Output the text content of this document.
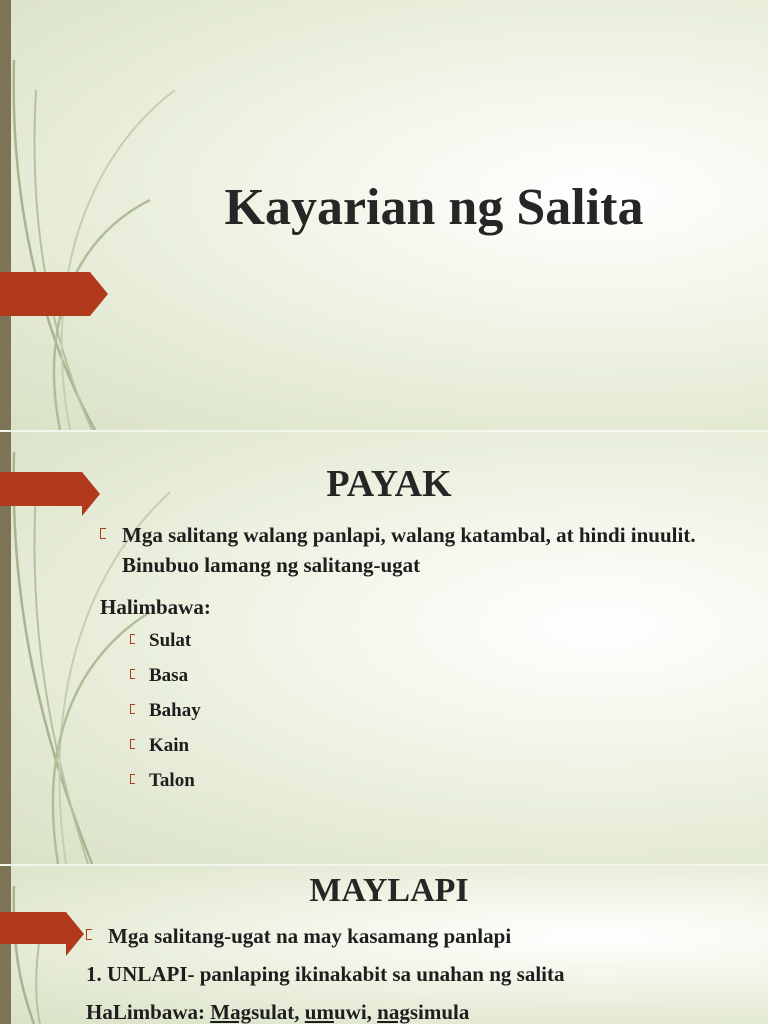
Kayarian ng Salita
PAYAK
Mga salitang walang panlapi, walang katambal, at hindi inuulit. Binubuo lamang ng salitang-ugat
Halimbawa:
Sulat
Basa
Bahay
Kain
Talon
MAYLAPI
Mga salitang-ugat na may kasamang panlapi
1. UNLAPI- panlaping ikinakabit sa unahan ng salita
HaLimbawa: Magsulat, umuwi, nagsimula
